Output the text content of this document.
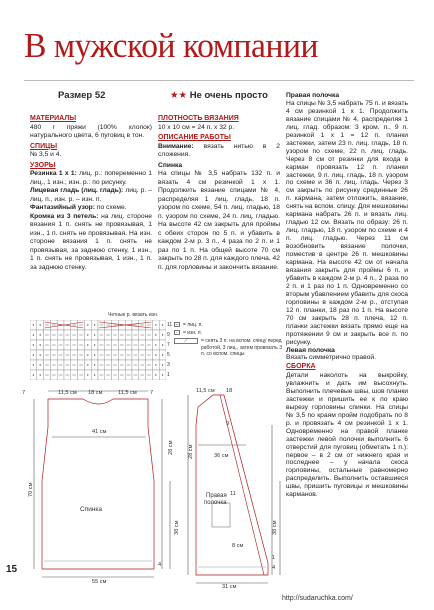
В мужской компании
Размер 52	★★ Не очень просто
МАТЕРИАЛЫ

480 г пряжи (100% хлопок) натурального цвета, 6 пуговиц в тон.

СПИЦЫ

№ 3,5 и 4.

УЗОРЫ

Резинка 1 х 1: лиц. р.: попеременно 1 лиц., 1 изн.; изн. р.: по рисунку.

Лицевая гладь (лиц. гладь): лиц. р. – лиц. п., изн. р. – изн. п.

Фантазийный узор: по схеме.

Кромка из 3 петель: на лиц. стороне вязания 1 п. снять не провязывая, 1 изн., 1 п. снять не провязывая. На изн. стороне вязания 1 п. снять не провязывая, за заднюю стенку, 1 изн., 1 п. снять не провязывая, 1 изн., 1 п. за заднюю стенку.

ПЛОТНОСТЬ ВЯЗАНИЯ

10 х 10 см = 24 п. х 32 р.

ОПИСАНИЕ РАБОТЫ

Внимание: вязать нитью в 2 сложения.

Спинка

На спицы № 3,5 набрать 132 п. и вязать 4 см резинкой 1 х 1. Продолжить вязание спицами № 4, распределяя 1 лиц. гладь, 18 п. узором по схеме, 54 п. лиц. гладью, 18 п. узором по схеме, 24 п. лиц. гладью. На высоте 42 см закрыть для проймы с обеих сторон по 5 п. и убавить в каждом 2-м р. 3 п., 4 раза по 2 п. и 1 раз по 1 п. На общей высоте 70 см закрыть по 28 п. для каждого плеча, 42 п. для горловины и закончить вязание.

Правая полочка

На спицы № 3,5 набрать 75 п. и вязать 4 см резинкой 1 х 1. Продолжить вязание спицами № 4, распределяя 1 лиц. глад. образом: 3 кром. п., 9 п. резинкой 1 х 1 = 12 п. планки застежки, затем 23 п. лиц. гладь, 18 п. узором по схеме, 22 п. лиц. гладь. Через 8 см от резинки для входа в карман провязать 12 п. планки застежки, 9 п. лиц. гладь, 18 п. узором по схеме и 36 п. лиц. гладь. Через 3 см закрыть по рисунку срединные 26 п. кармана, затем отложить, вязание, снять на вспом. спицу. Для мешковины кармана набрать 26 п. и вязать лиц. гладью 12 см. Вязать по образу: 26 п. лиц. гладью, 18 п. узором по схеме и 4 п. лиц. гладью. Через 11 см возобновить вязание полочки, поместив в центре 26 п. мешковины кармана. На высоте 42 см от начала вязания закрыть для проймы 6 п. и убавить в каждом 2-м р. 4 п., 2 раза по 2 п. и 1 раз по 1 п. Одновременно со вторым убавлением убавить для скоса горловины в каждом 2-м р., отступая 12 п. планки, 18 раз по 1 п. На высоте 70 см закрыть 28 п. плеча, 12 п. планки застежки вязать прямо еще на протяжении 9 см и закрыть все п. по рисунку.

Левая полочка

Вязать симметрично правой.

СБОРКА

Детали наколоть на выкройку, увлажнить и дать им высохнуть. Выполнить плечевые швы, шов планки застежки и пришить ее к по краю вырезу горловины спинки. На спицы № 3,5 по краям пройм подобрать по 8 р. и провязать 4 см резинкой 1 х 1. Одновременно на правой планке застежки левой полочки выполнить 6 отверстий для пуговиц (обметать 1 п.): первое – в 2 см от нижнего края и последнее – у начала скоса горловины, остальные равномерно распределить. Выполнить оставшиеся швы, пришить пуговицы и мешковины карманов.

Четные р. вязать изн.
11
9
7
5
3
1
– = лиц. п.
· = изн. п.
⟋	= снять 3 п. на вспом. спицу перед работой, 3 лиц., затем провязать 3 п. со вспом. спицы
7	11,5 см 18 см	11,5 см 7
41 см
55 см
Спинка
28 см
38 см
4
70 см
11,5 см 18
Правая
полочка
28 см	36 см
38 см
11
8 см
1
4
31 см
9
15
http://sudaruchka.com/
